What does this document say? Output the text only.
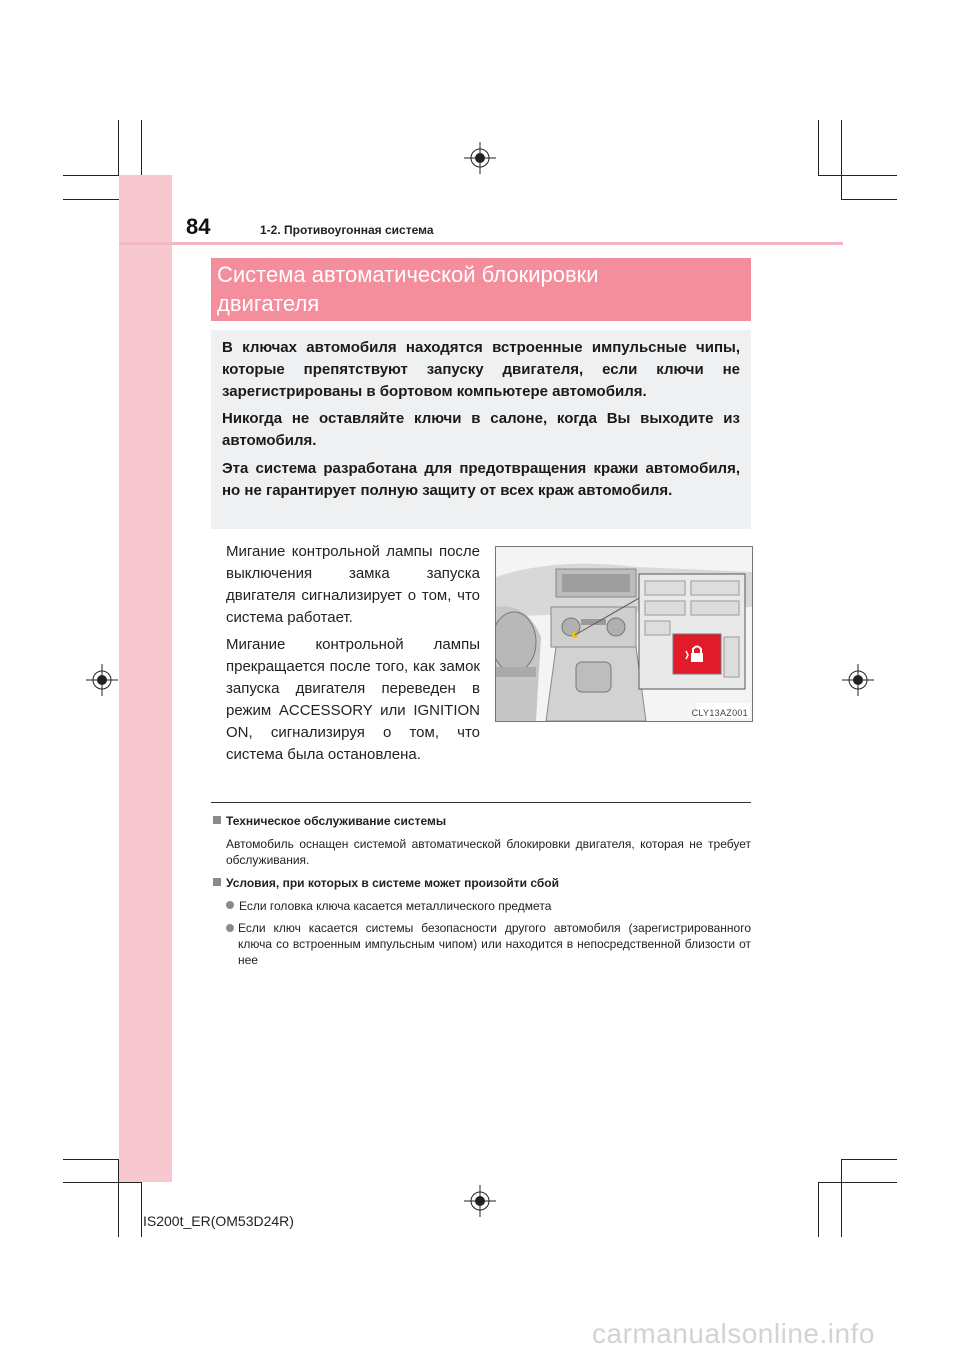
84	1-2. Противоугонная система
Система автоматической блокировки
двигателя

В ключах автомобиля находятся встроенные импульсные чипы, которые препятствуют запуску двигателя, если ключи не зарегистрированы в бортовом компьютере автомобиля.

Никогда не оставляйте ключи в салоне, когда Вы выходите из автомобиля.

Эта система разработана для предотвращения кражи автомобиля, но не гарантирует полную защиту от всех краж автомобиля.

Мигание контрольной лампы после выключения замка запуска двигателя сигнализирует о том, что система работает.

Мигание контрольной лампы прекращается после того, как замок запуска двигателя переведен в режим ACCESSORY или IGNITION ON, сигнализируя о том, что система была остановлена.

CLY13AZ001
Техническое обслуживание системы

Автомобиль оснащен системой автоматической блокировки двигателя, которая не требует обслуживания.

Условия, при которых в системе может произойти сбой
Если головка ключа касается металлического предмета

Если ключ касается системы безопасности другого автомобиля (зарегистрированного ключа со встроенным импульсным чипом) или находится в непосредственной близости от нее

IS200t_ER(OM53D24R)
carmanualsonline.info
